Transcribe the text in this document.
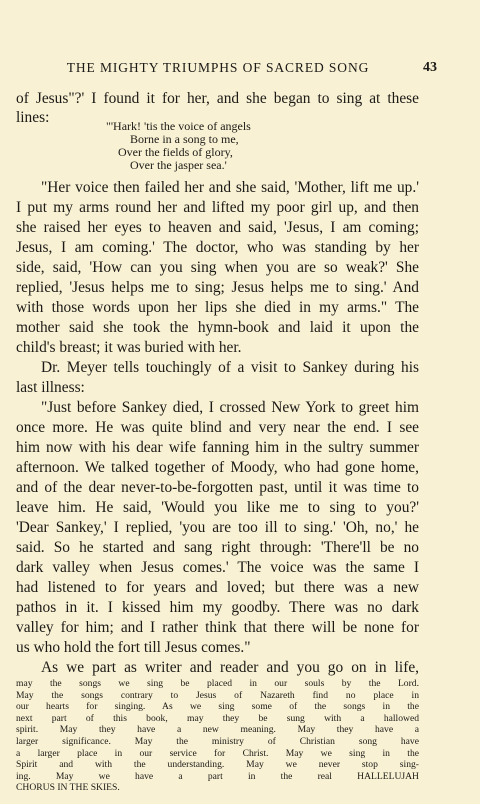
THE MIGHTY TRIUMPHS OF SACRED SONG	43
of Jesus"?' I found it for her, and she began to sing at these
lines:	"'Hark! 'tis the voice of angels
Borne in a song to me,
Over the fields of glory,
Over the jasper sea.'
"Her voice then failed her and she said, 'Mother, lift me up.'
I put my arms round her and lifted my poor girl up, and then
she raised her eyes to heaven and said, 'Jesus, I am coming;
Jesus, I am coming.' The doctor, who was standing by her
side, said, 'How can you sing when you are so weak?' She
replied, 'Jesus helps me to sing; Jesus helps me to sing.' And
with those words upon her lips she died in my arms." The
mother said she took the hymn-book and laid it upon the
child's breast; it was buried with her.
Dr. Meyer tells touchingly of a visit to Sankey during his
last illness:
"Just before Sankey died, I crossed New York to greet him
once more. He was quite blind and very near the end. I see
him now with his dear wife fanning him in the sultry summer
afternoon. We talked together of Moody, who had gone home,
and of the dear never-to-be-forgotten past, until it was time to
leave him. He said, 'Would you like me to sing to you?'
'Dear Sankey,' I replied, 'you are too ill to sing.' 'Oh, no,' he
said. So he started and sang right through: 'There'll be no
dark valley when Jesus comes.' The voice was the same I
had listened to for years and loved; but there was a new
pathos in it. I kissed him my goodby. There was no dark
valley for him; and I rather think that there will be none for
us who hold the fort till Jesus comes."
As we part as writer and reader and you go on in life,
may the songs we sing be placed in our souls by the Lord.
May the songs contrary to Jesus of Nazareth find no place in
our hearts for singing. As we sing some of the songs in the
next part of this book, may they be sung with a hallowed
spirit. May they have a new meaning. May they have a
larger significance. May the ministry of Christian song have
a larger place in our service for Christ. May we sing in the
Spirit and with the understanding. May we never stop sing-
ing. May we have a part in the real HALLELUJAH
CHORUS IN THE SKIES.
